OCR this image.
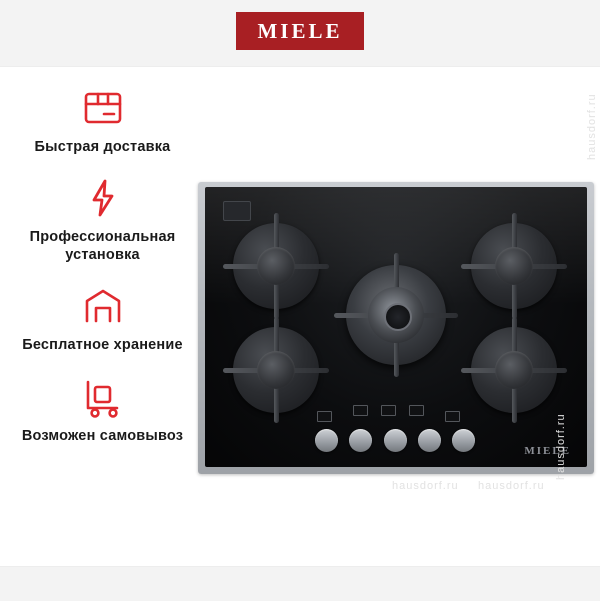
MIELE
Быстрая доставка
Профессиональная установка
Бесплатное хранение
Возможен самовывоз
MIELE
hausdorf.ru
hausdorf.ru
hausdorf.ru hausdorf.ru
